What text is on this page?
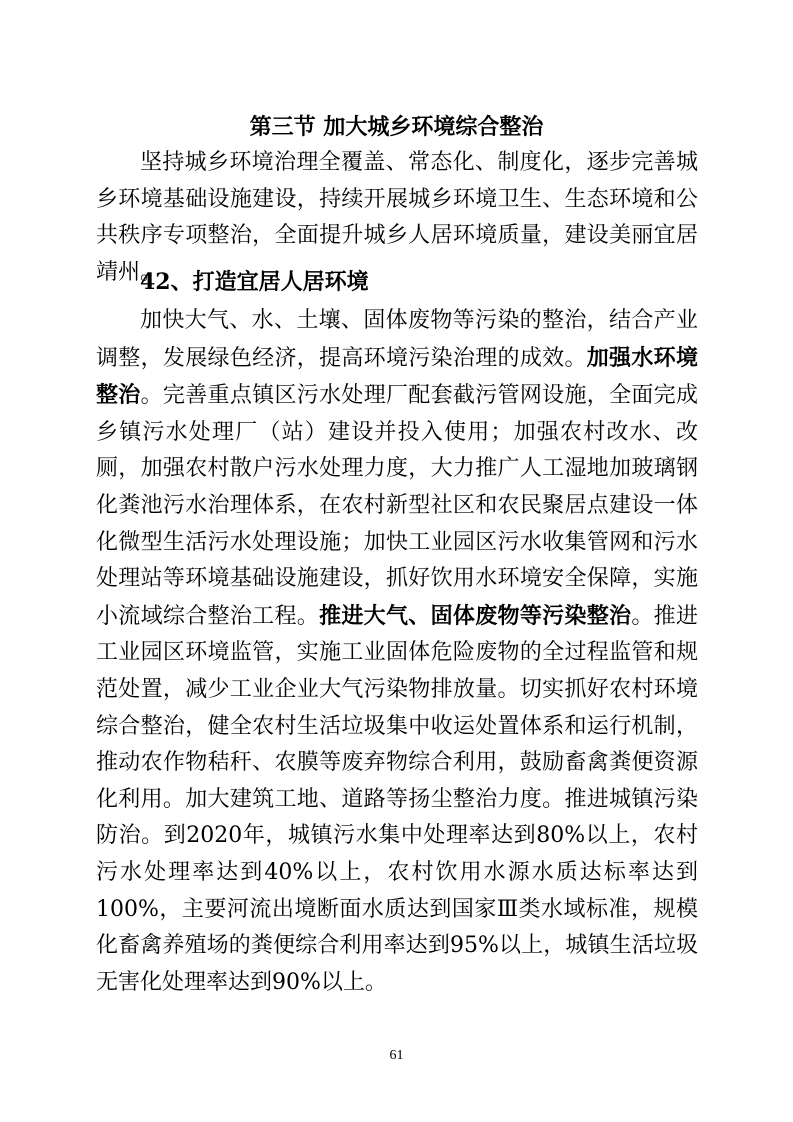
第三节 加大城乡环境综合整治

坚持城乡环境治理全覆盖、常态化、制度化，逐步完善城乡环境基础设施建设，持续开展城乡环境卫生、生态环境和公共秩序专项整治，全面提升城乡人居环境质量，建设美丽宜居靖州。

42、打造宜居人居环境

加快大气、水、土壤、固体废物等污染的整治，结合产业调整，发展绿色经济，提高环境污染治理的成效。加强水环境整治。完善重点镇区污水处理厂配套截污管网设施，全面完成乡镇污水处理厂（站）建设并投入使用；加强农村改水、改厕，加强农村散户污水处理力度，大力推广人工湿地加玻璃钢化粪池污水治理体系，在农村新型社区和农民聚居点建设一体化微型生活污水处理设施；加快工业园区污水收集管网和污水处理站等环境基础设施建设，抓好饮用水环境安全保障，实施小流域综合整治工程。推进大气、固体废物等污染整治。推进工业园区环境监管，实施工业固体危险废物的全过程监管和规范处置，减少工业企业大气污染物排放量。切实抓好农村环境综合整治，健全农村生活垃圾集中收运处置体系和运行机制，推动农作物秸秆、农膜等废弃物综合利用，鼓励畜禽粪便资源化利用。加大建筑工地、道路等扬尘整治力度。推进城镇污染防治。到2020年，城镇污水集中处理率达到80%以上，农村污水处理率达到40%以上，农村饮用水源水质达标率达到100%，主要河流出境断面水质达到国家Ⅲ类水域标准，规模化畜禽养殖场的粪便综合利用率达到95%以上，城镇生活垃圾无害化处理率达到90%以上。

61
